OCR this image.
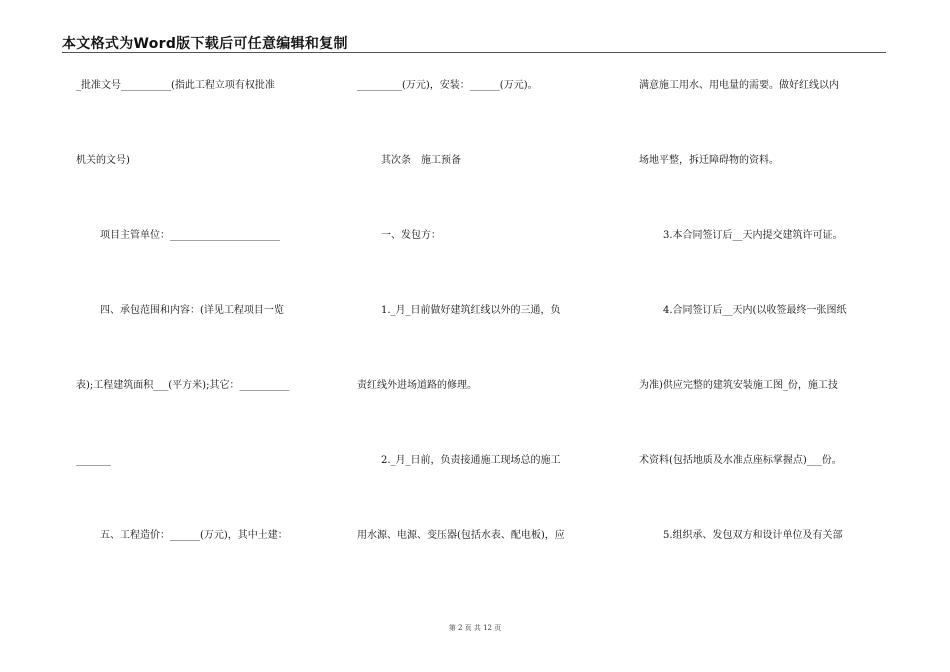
本文格式为Word版下载后可任意编辑和复制
_批准文号__________(指此工程立项有权批准
机关的文号)
项目主管单位：______________________
四、承包范围和内容：(详见工程项目一览
表);工程建筑面积___(平方米);其它：__________
_______
五、工程造价：______(万元)，其中土建：
_________(万元)，安装：______(万元)。
其次条　施工预备
一、发包方：
1._月_日前做好建筑红线以外的三通，负
责红线外进场道路的修理。
2._月_日前，负责接通施工现场总的施工
用水源、电源、变压器(包括水表、配电板)，应
满意施工用水、用电量的需要。做好红线以内
场地平整，拆迁障碍物的资料。
3.本合同签订后__天内提交建筑许可证。
4.合同签订后__天内(以收签最终一张图纸
为准)供应完整的建筑安装施工图_份，施工技
术资料(包括地质及水准点座标掌握点)___份。
5.组织承、发包双方和设计单位及有关部
第 2 页 共 12 页
